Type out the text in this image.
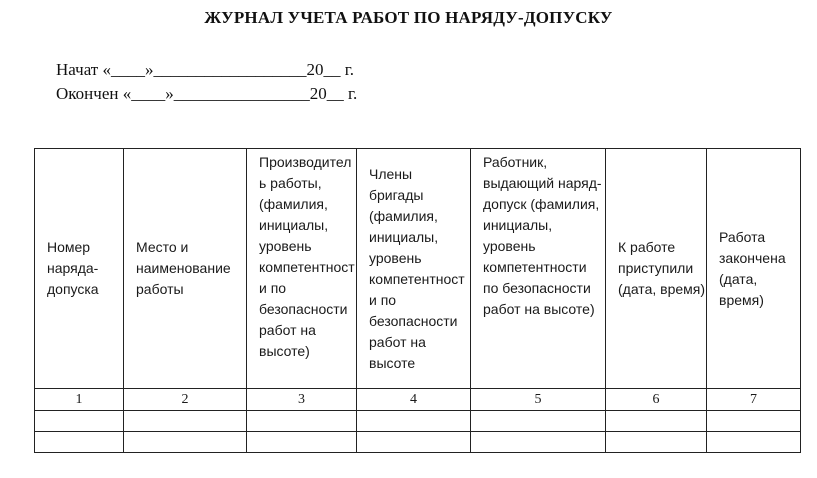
ЖУРНАЛ УЧЕТА РАБОТ ПО НАРЯДУ-ДОПУСКУ
Начат «____»__________________20__ г.
Окончен «____»________________20__ г.
Номер наряда-допуска	Место и наименование работы	Производитель работы, (фамилия, инициалы, уровень компетентности по безопасности работ на высоте)	Члены бригады (фамилия, инициалы, уровень компетентности по безопасности работ на высоте	Работник, выдающий наряд-допуск (фамилия, инициалы, уровень компетентности по безопасности работ на высоте)	К работе приступили (дата, время)	Работа закончена (дата, время)
1	2	3	4	5	6	7
